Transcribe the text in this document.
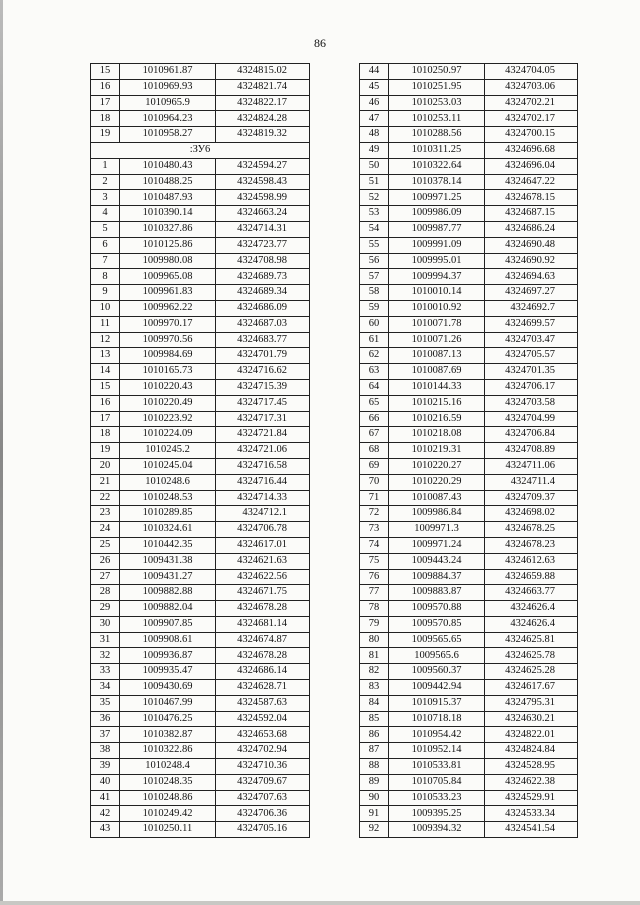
86
15	1010961.87	4324815.02
16	1010969.93	4324821.74
17	1010965.9	4324822.17
18	1010964.23	4324824.28
19	1010958.27	4324819.32
:ЗУ6		
1	1010480.43	4324594.27
2	1010488.25	4324598.43
3	1010487.93	4324598.99
4	1010390.14	4324663.24
5	1010327.86	4324714.31
6	1010125.86	4324723.77
7	1009980.08	4324708.98
8	1009965.08	4324689.73
9	1009961.83	4324689.34
10	1009962.22	4324686.09
11	1009970.17	4324687.03
12	1009970.56	4324683.77
13	1009984.69	4324701.79
14	1010165.73	4324716.62
15	1010220.43	4324715.39
16	1010220.49	4324717.45
17	1010223.92	4324717.31
18	1010224.09	4324721.84
19	1010245.2	4324721.06
20	1010245.04	4324716.58
21	1010248.6	4324716.44
22	1010248.53	4324714.33
23	1010289.85	4324712.1
24	1010324.61	4324706.78
25	1010442.35	4324617.01
26	1009431.38	4324621.63
27	1009431.27	4324622.56
28	1009882.88	4324671.75
29	1009882.04	4324678.28
30	1009907.85	4324681.14
31	1009908.61	4324674.87
32	1009936.87	4324678.28
33	1009935.47	4324686.14
34	1009430.69	4324628.71
35	1010467.99	4324587.63
36	1010476.25	4324592.04
37	1010382.87	4324653.68
38	1010322.86	4324702.94
39	1010248.4	4324710.36
40	1010248.35	4324709.67
41	1010248.86	4324707.63
42	1010249.42	4324706.36
43	1010250.11	4324705.16
44	1010250.97	4324704.05
45	1010251.95	4324703.06
46	1010253.03	4324702.21
47	1010253.11	4324702.17
48	1010288.56	4324700.15
49	1010311.25	4324696.68
50	1010322.64	4324696.04
51	1010378.14	4324647.22
52	1009971.25	4324678.15
53	1009986.09	4324687.15
54	1009987.77	4324686.24
55	1009991.09	4324690.48
56	1009995.01	4324690.92
57	1009994.37	4324694.63
58	1010010.14	4324697.27
59	1010010.92	4324692.7
60	1010071.78	4324699.57
61	1010071.26	4324703.47
62	1010087.13	4324705.57
63	1010087.69	4324701.35
64	1010144.33	4324706.17
65	1010215.16	4324703.58
66	1010216.59	4324704.99
67	1010218.08	4324706.84
68	1010219.31	4324708.89
69	1010220.27	4324711.06
70	1010220.29	4324711.4
71	1010087.43	4324709.37
72	1009986.84	4324698.02
73	1009971.3	4324678.25
74	1009971.24	4324678.23
75	1009443.24	4324612.63
76	1009884.37	4324659.88
77	1009883.87	4324663.77
78	1009570.88	4324626.4
79	1009570.85	4324626.4
80	1009565.65	4324625.81
81	1009565.6	4324625.78
82	1009560.37	4324625.28
83	1009442.94	4324617.67
84	1010915.37	4324795.31
85	1010718.18	4324630.21
86	1010954.42	4324822.01
87	1010952.14	4324824.84
88	1010533.81	4324528.95
89	1010705.84	4324622.38
90	1010533.23	4324529.91
91	1009395.25	4324533.34
92	1009394.32	4324541.54
